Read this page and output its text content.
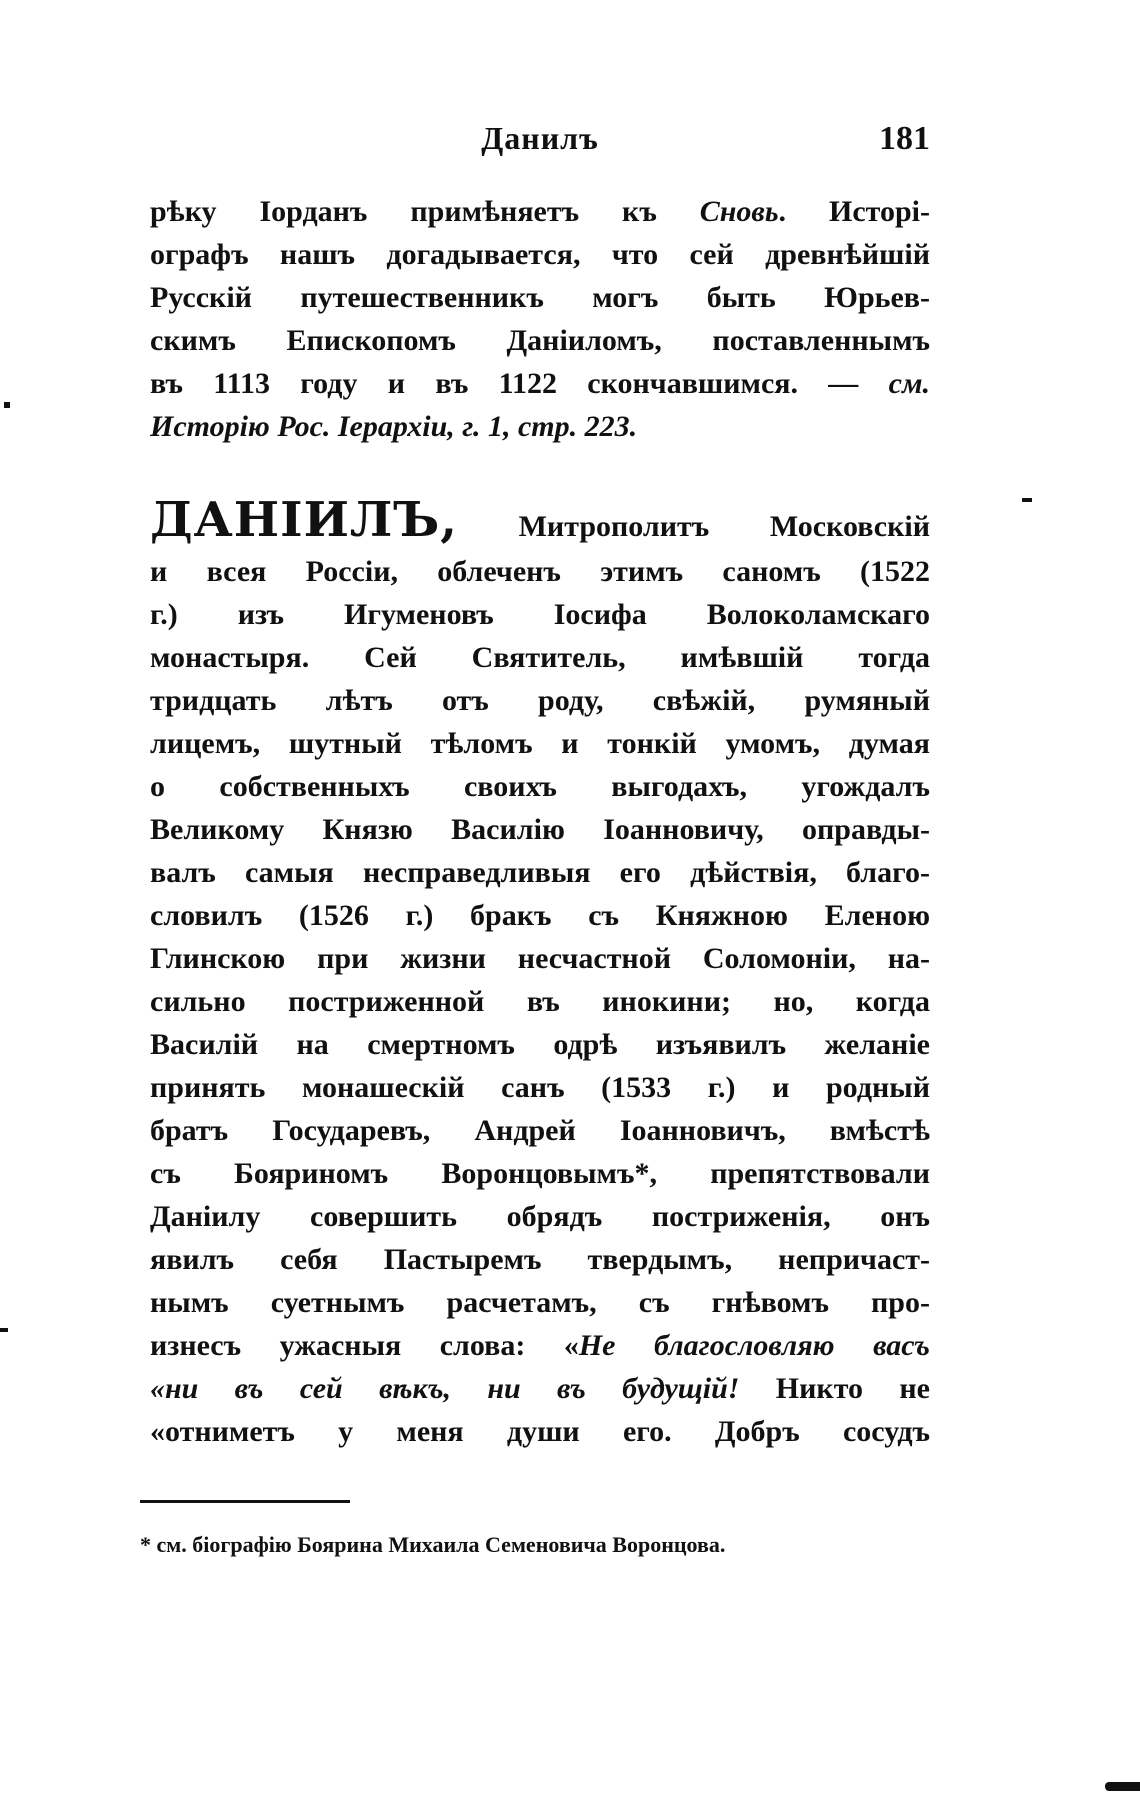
Данилъ	181
рѣку Іорданъ примѣняетъ къ Сновь. Исторі-
ографъ нашъ догадывается, что сей древнѣйшій
Русскій путешественникъ могъ быть Юрьев-
скимъ Епископомъ Даніиломъ, поставленнымъ
въ 1113 году и въ 1122 скончавшимся. — см.
Исторію Рос. Іерархіи, г. 1, стр. 223.
ДАНІИЛЪ, Митрополитъ Московскій
и всея Россіи, облеченъ этимъ саномъ (1522
г.) изъ Игуменовъ Іосифа Волоколамскаго
монастыря. Сей Святитель, имѣвшій тогда
тридцать лѣтъ отъ роду, свѣжій, румяный
лицемъ, шутный тѣломъ и тонкій умомъ, думая
о собственныхъ своихъ выгодахъ, угождалъ
Великому Князю Василію Іоанновичу, оправды-
валъ самыя несправедливыя его дѣйствія, благо-
словилъ (1526 г.) бракъ съ Княжною Еленою
Глинскою при жизни несчастной Соломоніи, на-
сильно постриженной въ инокини; но, когда
Василій на смертномъ одрѣ изъявилъ желаніе
принять монашескій санъ (1533 г.) и родный
братъ Государевъ, Андрей Іоанновичъ, вмѣстѣ
съ Бояриномъ Воронцовымъ*, препятствовали
Даніилу совершить обрядъ постриженія, онъ
явилъ себя Пастыремъ твердымъ, непричаст-
нымъ суетнымъ расчетамъ, съ гнѣвомъ про-
изнесъ ужасныя слова: «Не благословляю васъ
«ни въ сей вѣкъ, ни въ будущій! Никто не
«отниметъ у меня души его. Добръ сосудъ
* см. біографію Боярина Михаила Семеновича Воронцова.
